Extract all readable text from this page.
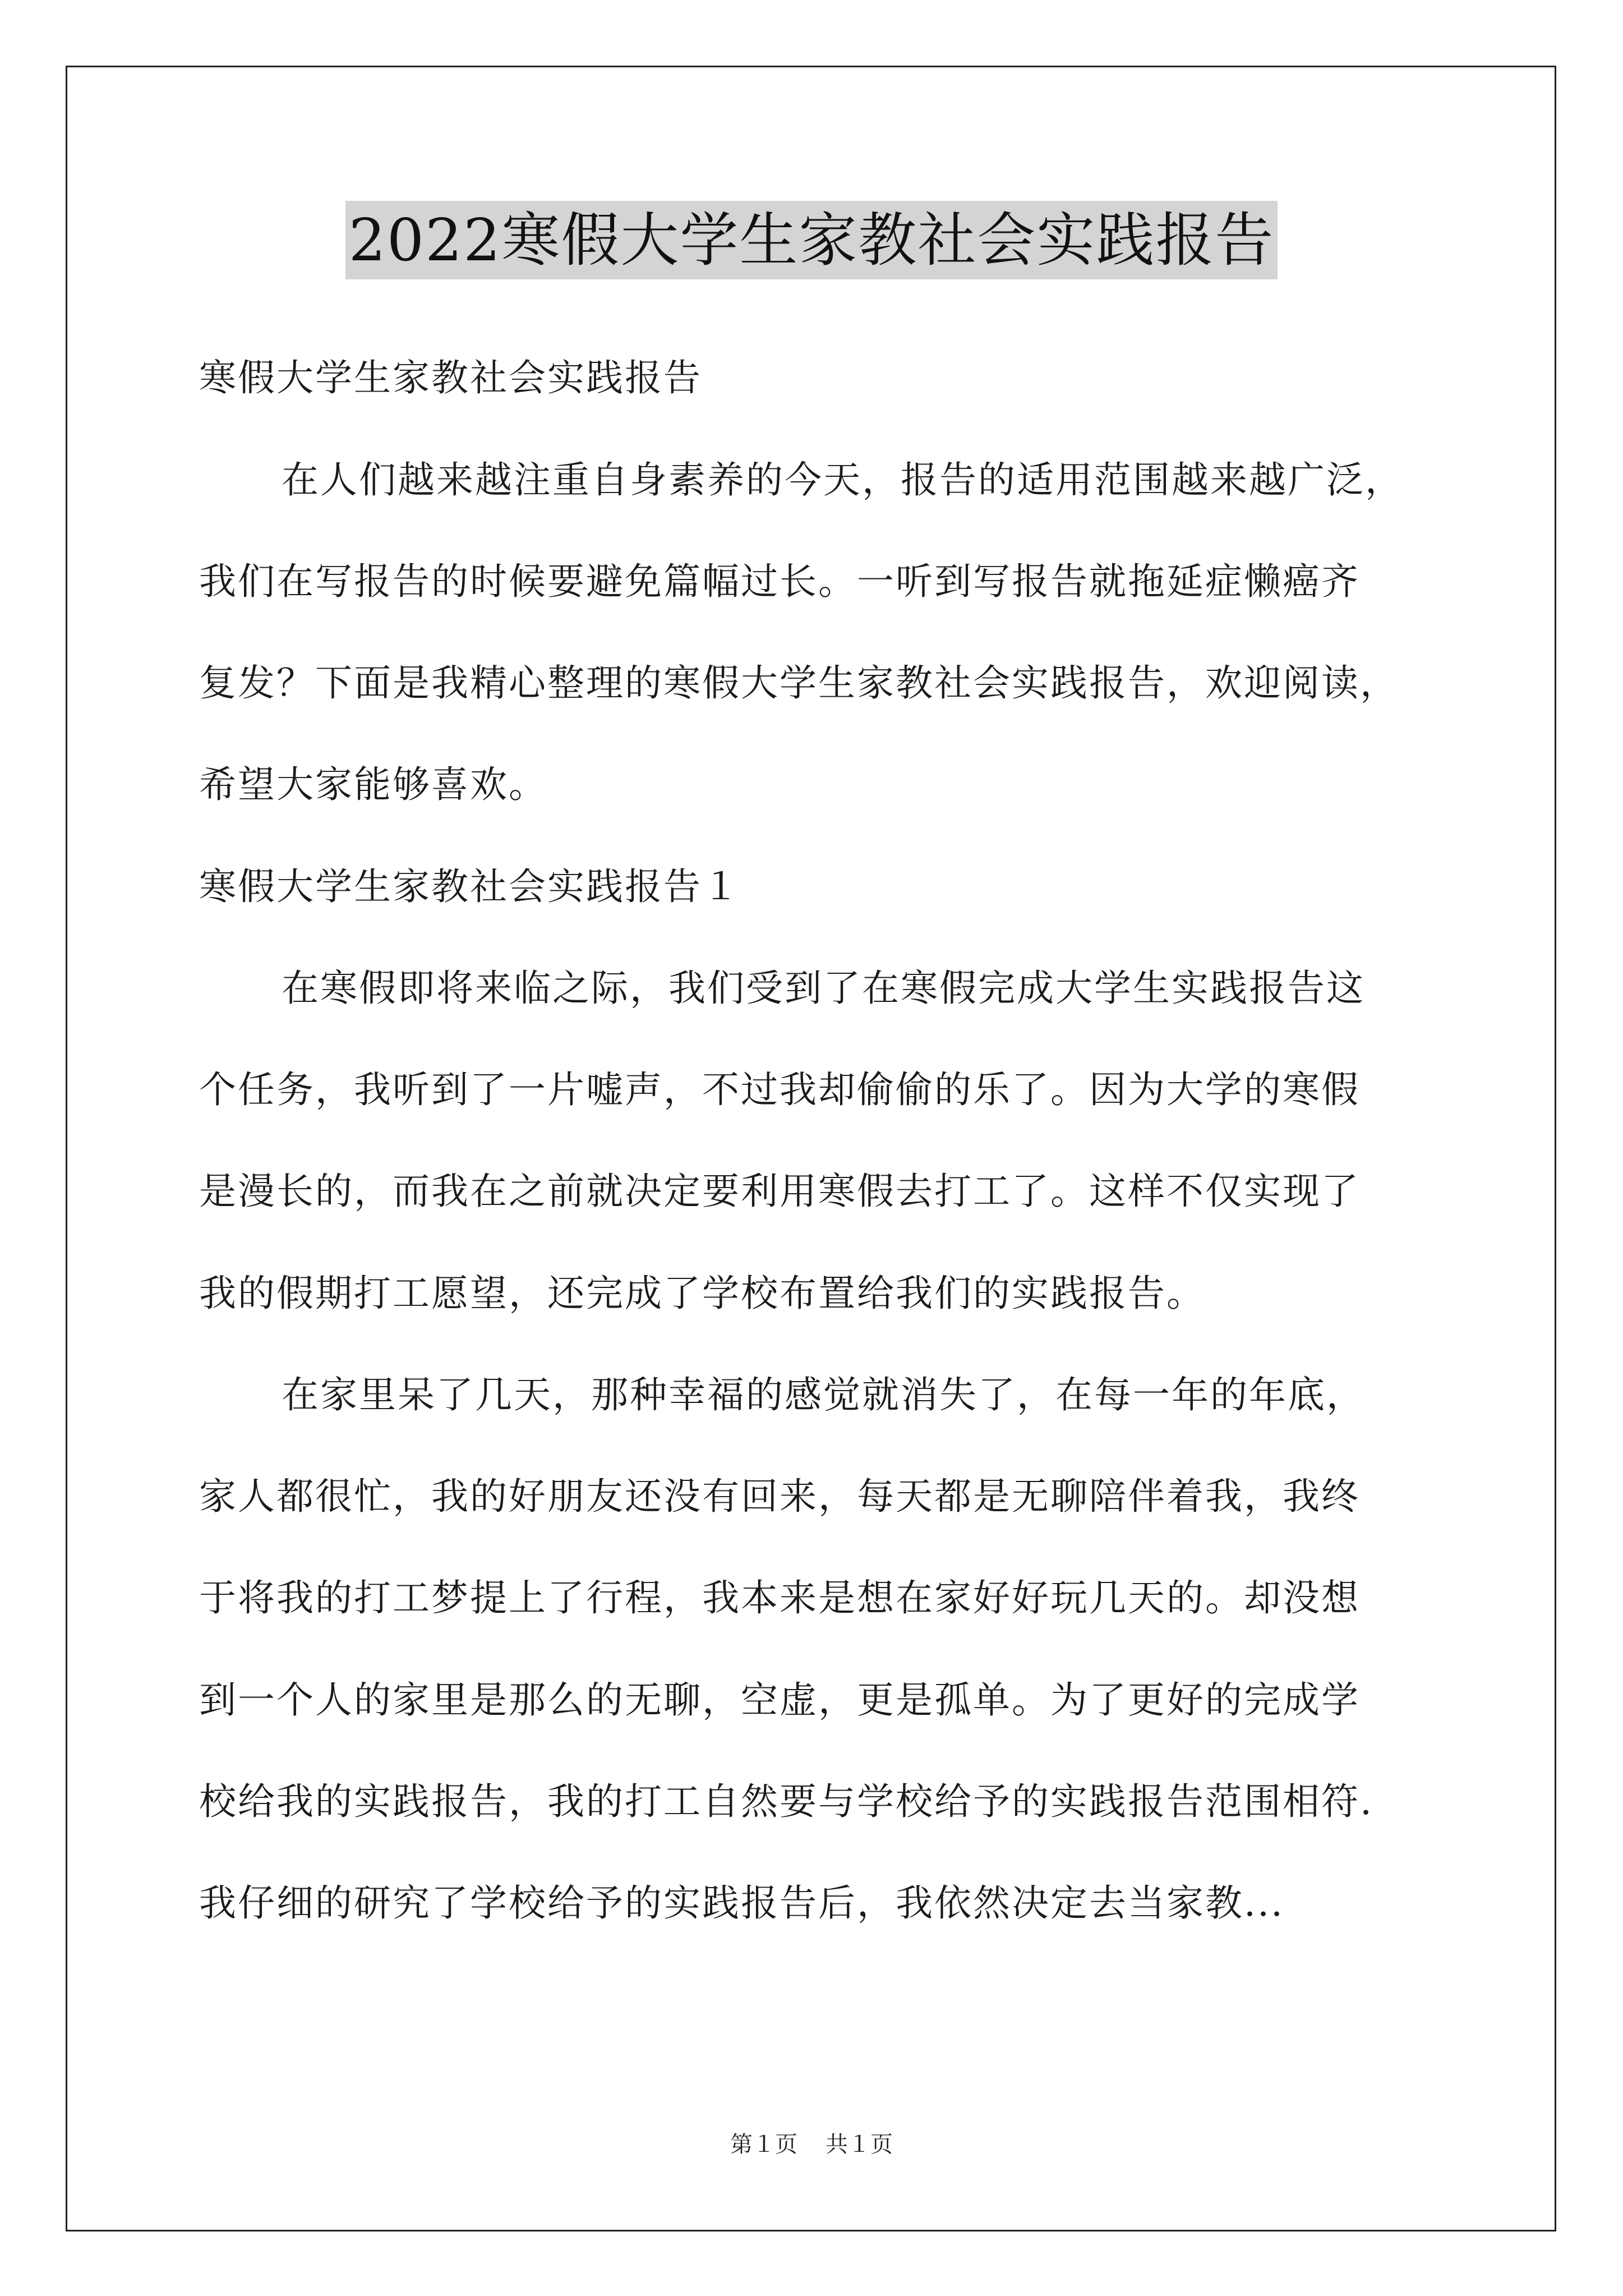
2022寒假大学生家教社会实践报告
寒假大学生家教社会实践报告
在人们越来越注重自身素养的今天，报告的适用范围越来越广泛，
我们在写报告的时候要避免篇幅过长。一听到写报告就拖延症懒癌齐
复发？下面是我精心整理的寒假大学生家教社会实践报告，欢迎阅读，
希望大家能够喜欢。
寒假大学生家教社会实践报告１
在寒假即将来临之际，我们受到了在寒假完成大学生实践报告这
个任务，我听到了一片嘘声，不过我却偷偷的乐了。因为大学的寒假
是漫长的，而我在之前就决定要利用寒假去打工了。这样不仅实现了
我的假期打工愿望，还完成了学校布置给我们的实践报告。
在家里呆了几天，那种幸福的感觉就消失了，在每一年的年底，
家人都很忙，我的好朋友还没有回来，每天都是无聊陪伴着我，我终
于将我的打工梦提上了行程，我本来是想在家好好玩几天的。却没想
到一个人的家里是那么的无聊，空虚，更是孤单。为了更好的完成学
校给我的实践报告，我的打工自然要与学校给予的实践报告范围相符.
我仔细的研究了学校给予的实践报告后，我依然决定去当家教...
第１页 共１页
